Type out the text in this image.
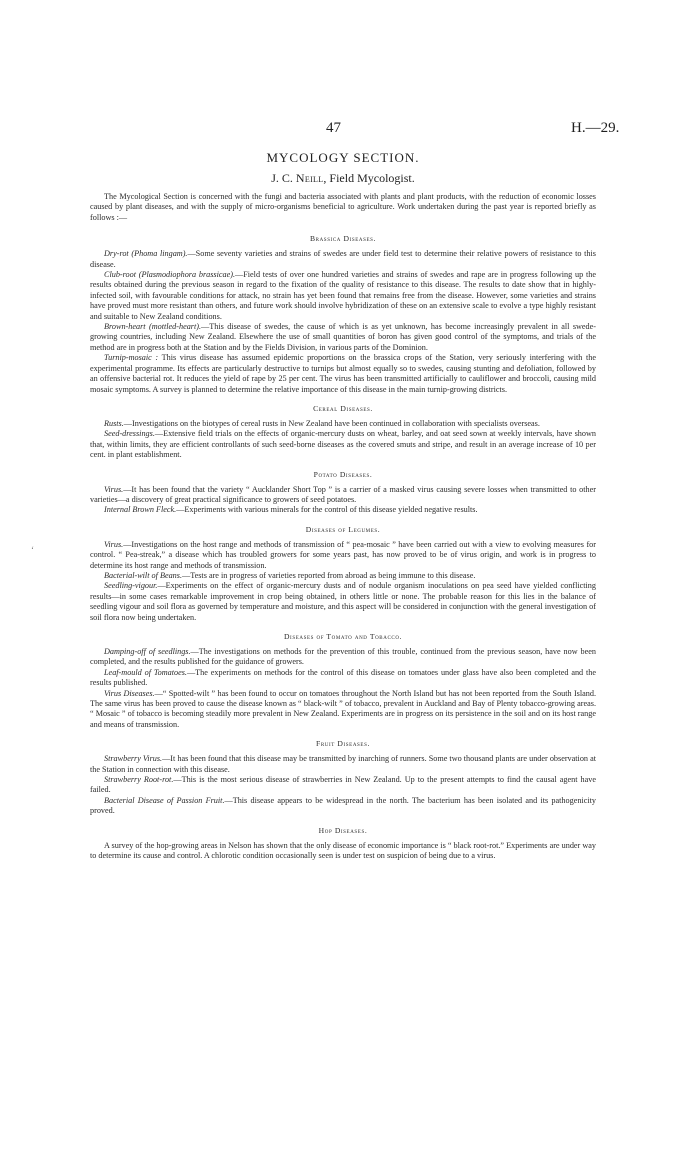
47	H.—29.
‘
MYCOLOGY SECTION.
J. C. Neill, Field Mycologist.

The Mycological Section is concerned with the fungi and bacteria associated with plants and plant products, with the reduction of economic losses caused by plant diseases, and with the supply of micro-organisms beneficial to agriculture. Work undertaken during the past year is reported briefly as follows :—

Brassica Diseases.

Dry-rot (Phoma lingam).—Some seventy varieties and strains of swedes are under field test to determine their relative powers of resistance to this disease.

Club-root (Plasmodiophora brassicae).—Field tests of over one hundred varieties and strains of swedes and rape are in progress following up the results obtained during the previous season in regard to the fixation of the quality of resistance to this disease. The results to date show that in highly-infected soil, with favourable conditions for attack, no strain has yet been found that remains free from the disease. However, some varieties and strains have proved must more resistant than others, and future work should involve hybridization of these on an extensive scale to evolve a type highly resistant and suitable to New Zealand conditions.

Brown-heart (mottled-heart).—This disease of swedes, the cause of which is as yet unknown, has become increasingly prevalent in all swede-growing countries, including New Zealand. Elsewhere the use of small quantities of boron has given good control of the symptoms, and trials of the method are in progress both at the Station and by the Fields Division, in various parts of the Dominion.

Turnip-mosaic : This virus disease has assumed epidemic proportions on the brassica crops of the Station, very seriously interfering with the experimental programme. Its effects are particularly destructive to turnips but almost equally so to swedes, causing stunting and defoliation, followed by an offensive bacterial rot. It reduces the yield of rape by 25 per cent. The virus has been transmitted artificially to cauliflower and broccoli, causing mild mosaic symptoms. A survey is planned to determine the relative importance of this disease in the main turnip-growing districts.

Cereal Diseases.

Rusts.—Investigations on the biotypes of cereal rusts in New Zealand have been continued in collaboration with specialists overseas.

Seed-dressings.—Extensive field trials on the effects of organic-mercury dusts on wheat, barley, and oat seed sown at weekly intervals, have shown that, within limits, they are efficient controllants of such seed-borne diseases as the covered smuts and stripe, and result in an average increase of 10 per cent. in plant establishment.

Potato Diseases.

Virus.—It has been found that the variety “ Aucklander Short Top ” is a carrier of a masked virus causing severe losses when transmitted to other varieties—a discovery of great practical significance to growers of seed potatoes.

Internal Brown Fleck.—Experiments with various minerals for the control of this disease yielded negative results.

Diseases of Legumes.

Virus.—Investigations on the host range and methods of transmission of “ pea-mosaic ” have been carried out with a view to evolving measures for control. “ Pea-streak,” a disease which has troubled growers for some years past, has now proved to be of virus origin, and work is in progress to determine its host range and methods of transmission.

Bacterial-wilt of Beans.—Tests are in progress of varieties reported from abroad as being immune to this disease.

Seedling-vigour.—Experiments on the effect of organic-mercury dusts and of nodule organism inoculations on pea seed have yielded conflicting results—in some cases remarkable improvement in crop being obtained, in others little or none. The probable reason for this lies in the balance of seedling vigour and soil flora as governed by temperature and moisture, and this aspect will be considered in conjunction with the general investigation of soil flora now being undertaken.

Diseases of Tomato and Tobacco.

Damping-off of seedlings.—The investigations on methods for the prevention of this trouble, continued from the previous season, have now been completed, and the results published for the guidance of growers.

Leaf-mould of Tomatoes.—The experiments on methods for the control of this disease on tomatoes under glass have also been completed and the results published.

Virus Diseases.—“ Spotted-wilt ” has been found to occur on tomatoes throughout the North Island but has not been reported from the South Island. The same virus has been proved to cause the disease known as “ black-wilt ” of tobacco, prevalent in Auckland and Bay of Plenty tobacco-growing areas. “ Mosaic ” of tobacco is becoming steadily more prevalent in New Zealand. Experiments are in progress on its persistence in the soil and on its host range and means of transmission.

Fruit Diseases.

Strawberry Virus.—It has been found that this disease may be transmitted by inarching of runners. Some two thousand plants are under observation at the Station in connection with this disease.

Strawberry Root-rot.—This is the most serious disease of strawberries in New Zealand. Up to the present attempts to find the causal agent have failed.

Bacterial Disease of Passion Fruit.—This disease appears to be widespread in the north. The bacterium has been isolated and its pathogenicity proved.

Hop Diseases.

A survey of the hop-growing areas in Nelson has shown that the only disease of economic importance is “ black root-rot.” Experiments are under way to determine its cause and control. A chlorotic condition occasionally seen is under test on suspicion of being due to a virus.
